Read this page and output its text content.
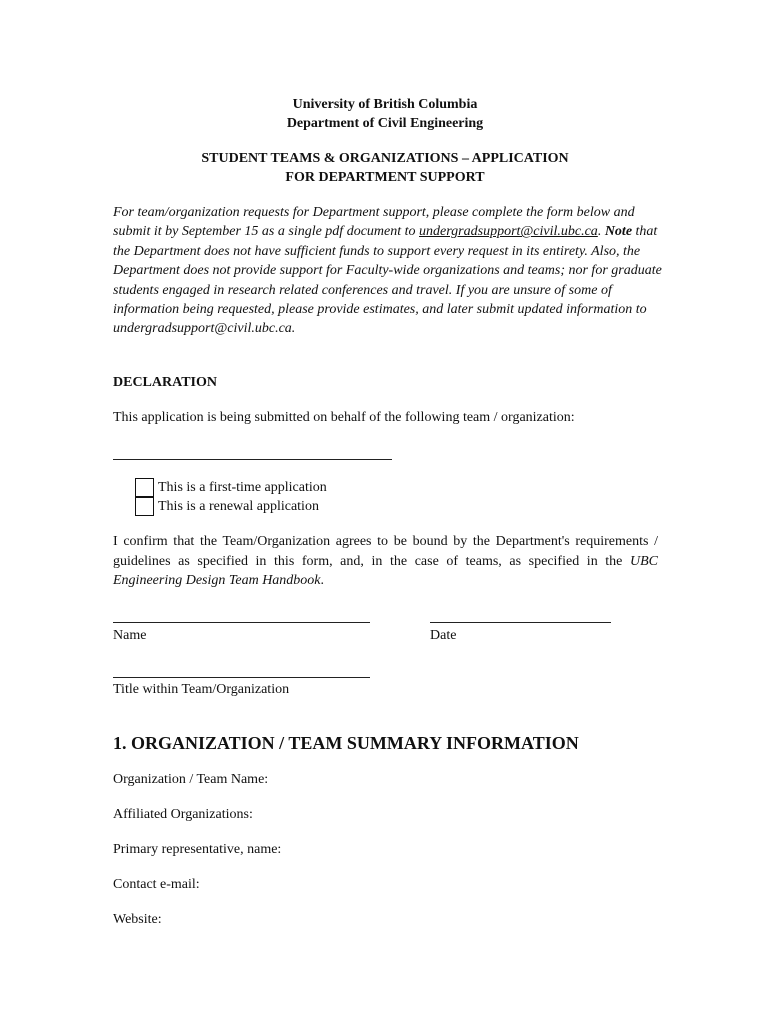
University of British Columbia
Department of Civil Engineering
STUDENT TEAMS & ORGANIZATIONS – APPLICATION
FOR DEPARTMENT SUPPORT
For team/organization requests for Department support, please complete the form below and submit it by September 15 as a single pdf document to undergradsupport@civil.ubc.ca. Note that the Department does not have sufficient funds to support every request in its entirety. Also, the Department does not provide support for Faculty-wide organizations and teams; nor for graduate students engaged in research related conferences and travel. If you are unsure of some of information being requested, please provide estimates, and later submit updated information to undergradsupport@civil.ubc.ca.
DECLARATION
This application is being submitted on behalf of the following team / organization:
This is a first-time application
This is a renewal application
I confirm that the Team/Organization agrees to be bound by the Department's requirements / guidelines as specified in this form, and, in the case of teams, as specified in the UBC Engineering Design Team Handbook.
Name	Date
Title within Team/Organization
1. ORGANIZATION / TEAM SUMMARY INFORMATION
Organization / Team Name:
Affiliated Organizations:
Primary representative, name:
Contact e-mail:
Website:
